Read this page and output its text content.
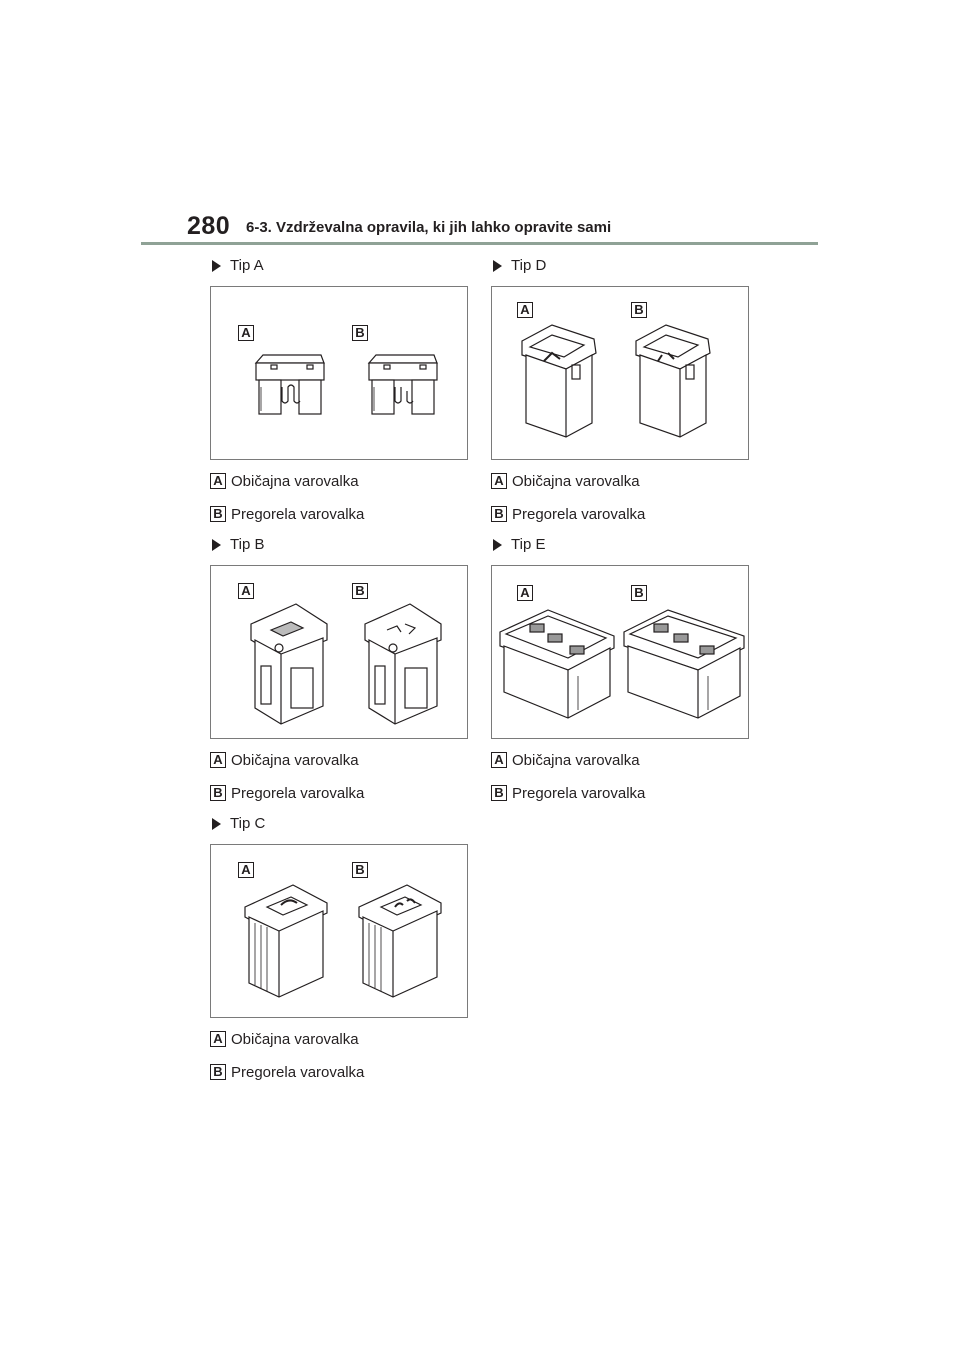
280 6-3. Vzdrževalna opravila, ki jih lahko opravite sami
Tip A
A	B
A Običajna varovalka
B Pregorela varovalka
Tip B
A	B
A Običajna varovalka
B Pregorela varovalka
Tip C
A	B
A Običajna varovalka
B Pregorela varovalka
Tip D
A	B
A Običajna varovalka
B Pregorela varovalka
Tip E
A	B
A Običajna varovalka
B Pregorela varovalka
